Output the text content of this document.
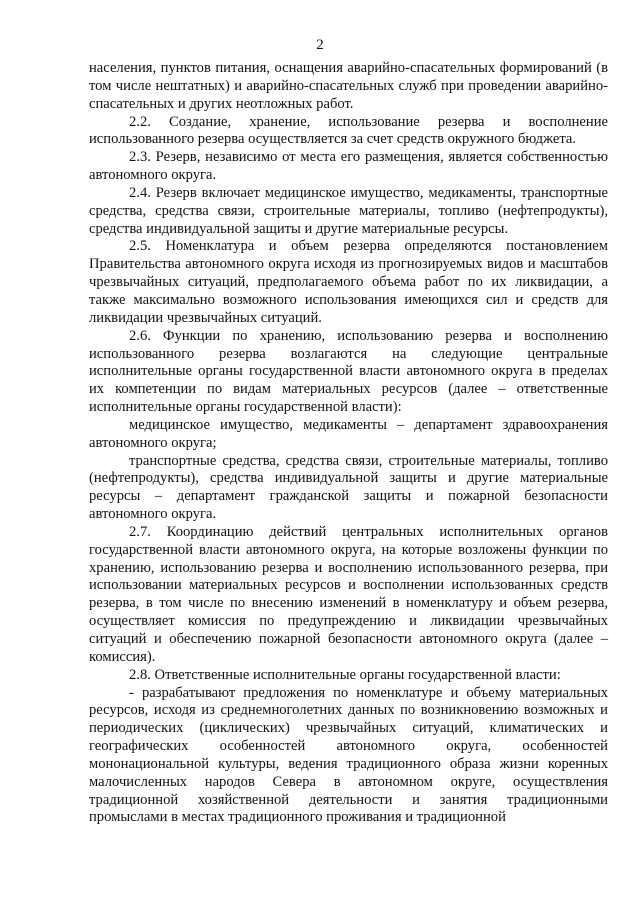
2

населения, пунктов питания, оснащения аварийно-спасательных формирований (в том числе нештатных) и аварийно-спасательных служб при проведении аварийно-спасательных и других неотложных работ.

2.2. Создание, хранение, использование резерва и восполнение использованного резерва осуществляется за счет средств окружного бюджета.

2.3. Резерв, независимо от места его размещения, является собственностью автономного округа.

2.4. Резерв включает медицинское имущество, медикаменты, транспортные средства, средства связи, строительные материалы, топливо (нефтепродукты), средства индивидуальной защиты и другие материальные ресурсы.

2.5. Номенклатура и объем резерва определяются постановлением Правительства автономного округа исходя из прогнозируемых видов и масштабов чрезвычайных ситуаций, предполагаемого объема работ по их ликвидации, а также максимально возможного использования имеющихся сил и средств для ликвидации чрезвычайных ситуаций.

2.6. Функции по хранению, использованию резерва и восполнению использованного резерва возлагаются на следующие центральные исполнительные органы государственной власти автономного округа в пределах их компетенции по видам материальных ресурсов (далее – ответственные исполнительные органы государственной власти):

медицинское имущество, медикаменты – департамент здравоохранения автономного округа;

транспортные средства, средства связи, строительные материалы, топливо (нефтепродукты), средства индивидуальной защиты и другие материальные ресурсы – департамент гражданской защиты и пожарной безопасности автономного округа.

2.7. Координацию действий центральных исполнительных органов государственной власти автономного округа, на которые возложены функции по хранению, использованию резерва и восполнению использованного резерва, при использовании материальных ресурсов и восполнении использованных средств резерва, в том числе по внесению изменений в номенклатуру и объем резерва, осуществляет комиссия по предупреждению и ликвидации чрезвычайных ситуаций и обеспечению пожарной безопасности автономного округа (далее – комиссия).

2.8. Ответственные исполнительные органы государственной власти:

- разрабатывают предложения по номенклатуре и объему материальных ресурсов, исходя из среднемноголетних данных по возникновению возможных и периодических (циклических) чрезвычайных ситуаций, климатических и географических особенностей автономного округа, особенностей мононациональной культуры, ведения традиционного образа жизни коренных малочисленных народов Севера в автономном округе, осуществления традиционной хозяйственной деятельности и занятия традиционными промыслами в местах традиционного проживания и традиционной
